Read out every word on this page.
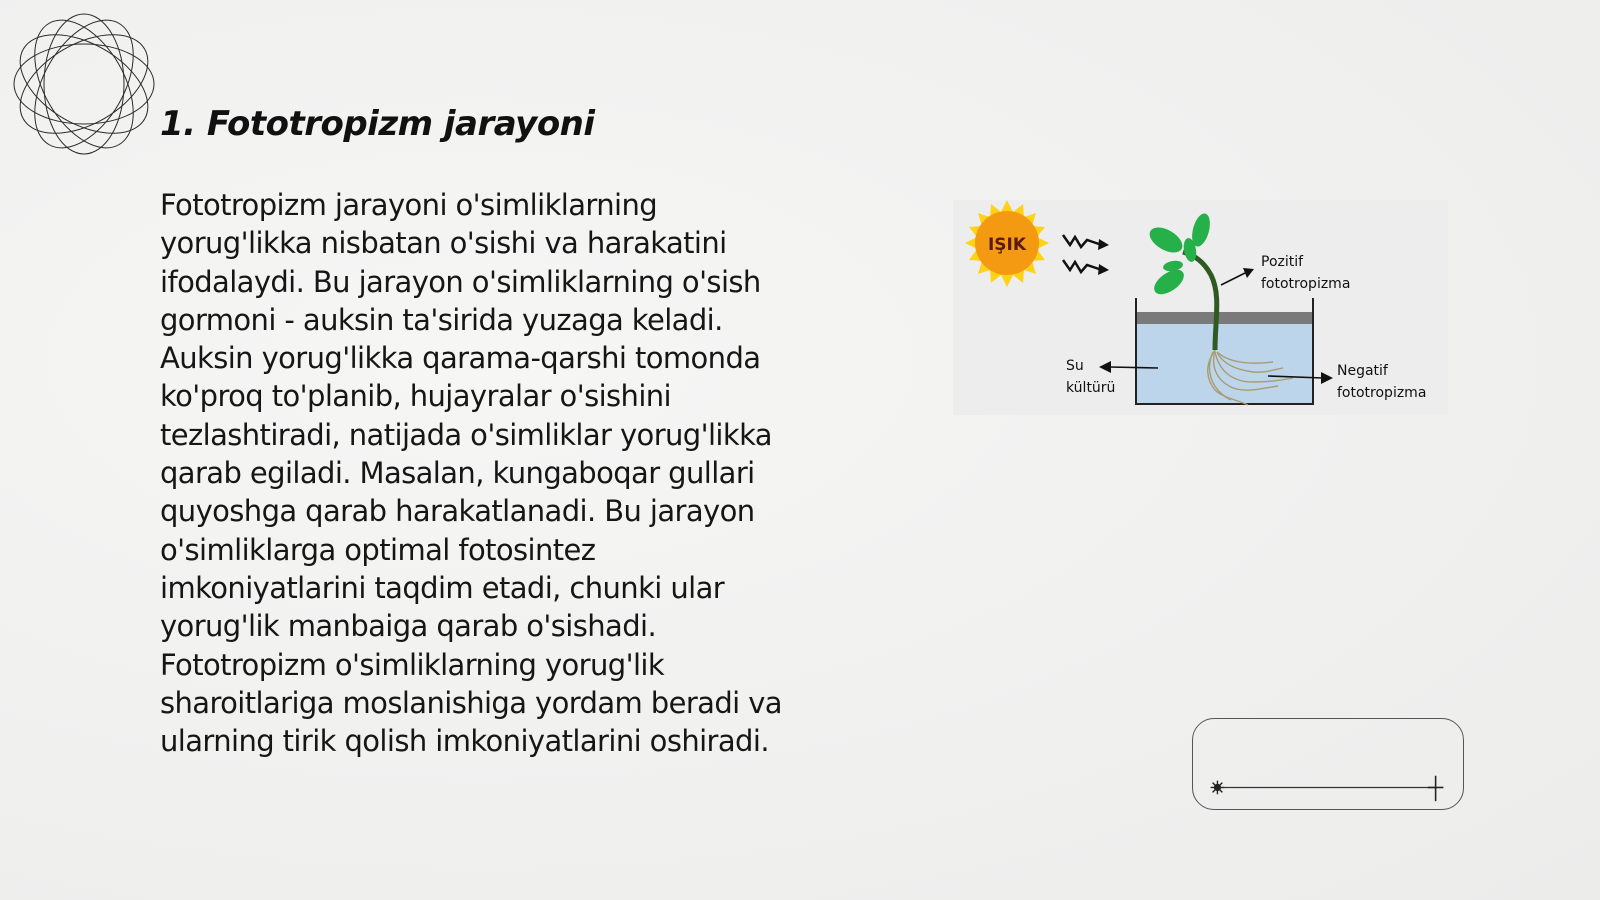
1. Fototropizm jarayoni
Fototropizm jarayoni o'simliklarning
yorug'likka nisbatan o'sishi va harakatini
ifodalaydi. Bu jarayon o'simliklarning o'sish
gormoni - auksin ta'sirida yuzaga keladi.
Auksin yorug'likka qarama-qarshi tomonda
ko'proq to'planib, hujayralar o'sishini
tezlashtiradi, natijada o'simliklar yorug'likka
qarab egiladi. Masalan, kungaboqar gullari
quyoshga qarab harakatlanadi. Bu jarayon
o'simliklarga optimal fotosintez
imkoniyatlarini taqdim etadi, chunki ular
yorug'lik manbaiga qarab o'sishadi.
Fototropizm o'simliklarning yorug'lik
sharoitlariga moslanishiga yordam beradi va
ularning tirik qolish imkoniyatlarini oshiradi.
IŞIK
Pozitif
fototropizma
Negatif
fototropizma
Su
kültürü
